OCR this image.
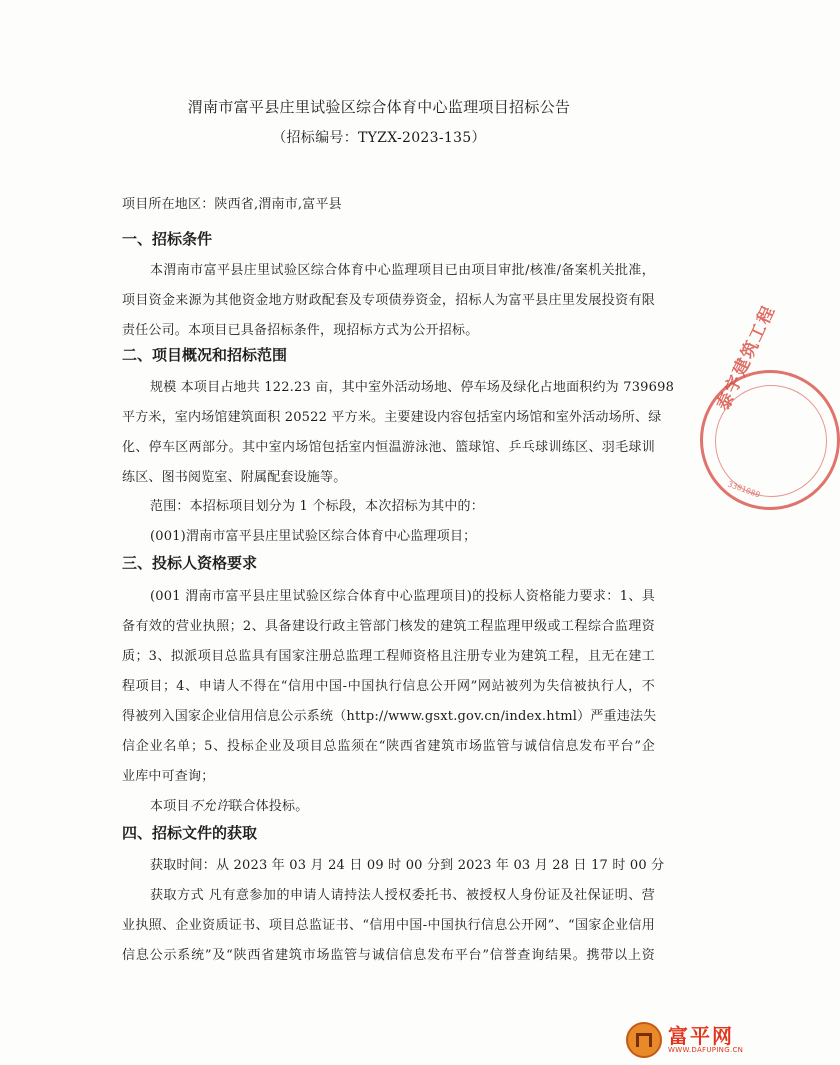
渭南市富平县庄里试验区综合体育中心监理项目招标公告
（招标编号：TYZX-2023-135）
项目所在地区：陕西省,渭南市,富平县
一、招标条件
本渭南市富平县庄里试验区综合体育中心监理项目已由项目审批/核准/备案机关批准，
项目资金来源为其他资金地方财政配套及专项债券资金，招标人为富平县庄里发展投资有限
责任公司。本项目已具备招标条件，现招标方式为公开招标。
二、项目概况和招标范围
规模 本项目占地共 122.23 亩，其中室外活动场地、停车场及绿化占地面积约为 739698
平方米，室内场馆建筑面积 20522 平方米。主要建设内容包括室内场馆和室外活动场所、绿
化、停车区两部分。其中室内场馆包括室内恒温游泳池、篮球馆、乒乓球训练区、羽毛球训
练区、图书阅览室、附属配套设施等。
范围：本招标项目划分为 1 个标段，本次招标为其中的：
(001)渭南市富平县庄里试验区综合体育中心监理项目；
三、投标人资格要求
(001 渭南市富平县庄里试验区综合体育中心监理项目)的投标人资格能力要求：1、具
备有效的营业执照；2、具备建设行政主管部门核发的建筑工程监理甲级或工程综合监理资
质；3、拟派项目总监具有国家注册总监理工程师资格且注册专业为建筑工程，且无在建工
程项目；4、申请人不得在“信用中国-中国执行信息公开网”网站被列为失信被执行人，不
得被列入国家企业信用信息公示系统（http://www.gsxt.gov.cn/index.html）严重违法失
信企业名单；5、投标企业及项目总监须在“陕西省建筑市场监管与诚信信息发布平台”企
业库中可查询；
本项目不允许联合体投标。
四、招标文件的获取
获取时间：从 2023 年 03 月 24 日 09 时 00 分到 2023 年 03 月 28 日 17 时 00 分
获取方式 凡有意参加的申请人请持法人授权委托书、被授权人身份证及社保证明、营
业执照、企业资质证书、项目总监证书、“信用中国-中国执行信息公开网”、“国家企业信用
信息公示系统”及“陕西省建筑市场监管与诚信信息发布平台”信誉查询结果。携带以上资
泰宇建筑工程
3301080
富平网
WWW.DAFUPING.CN
